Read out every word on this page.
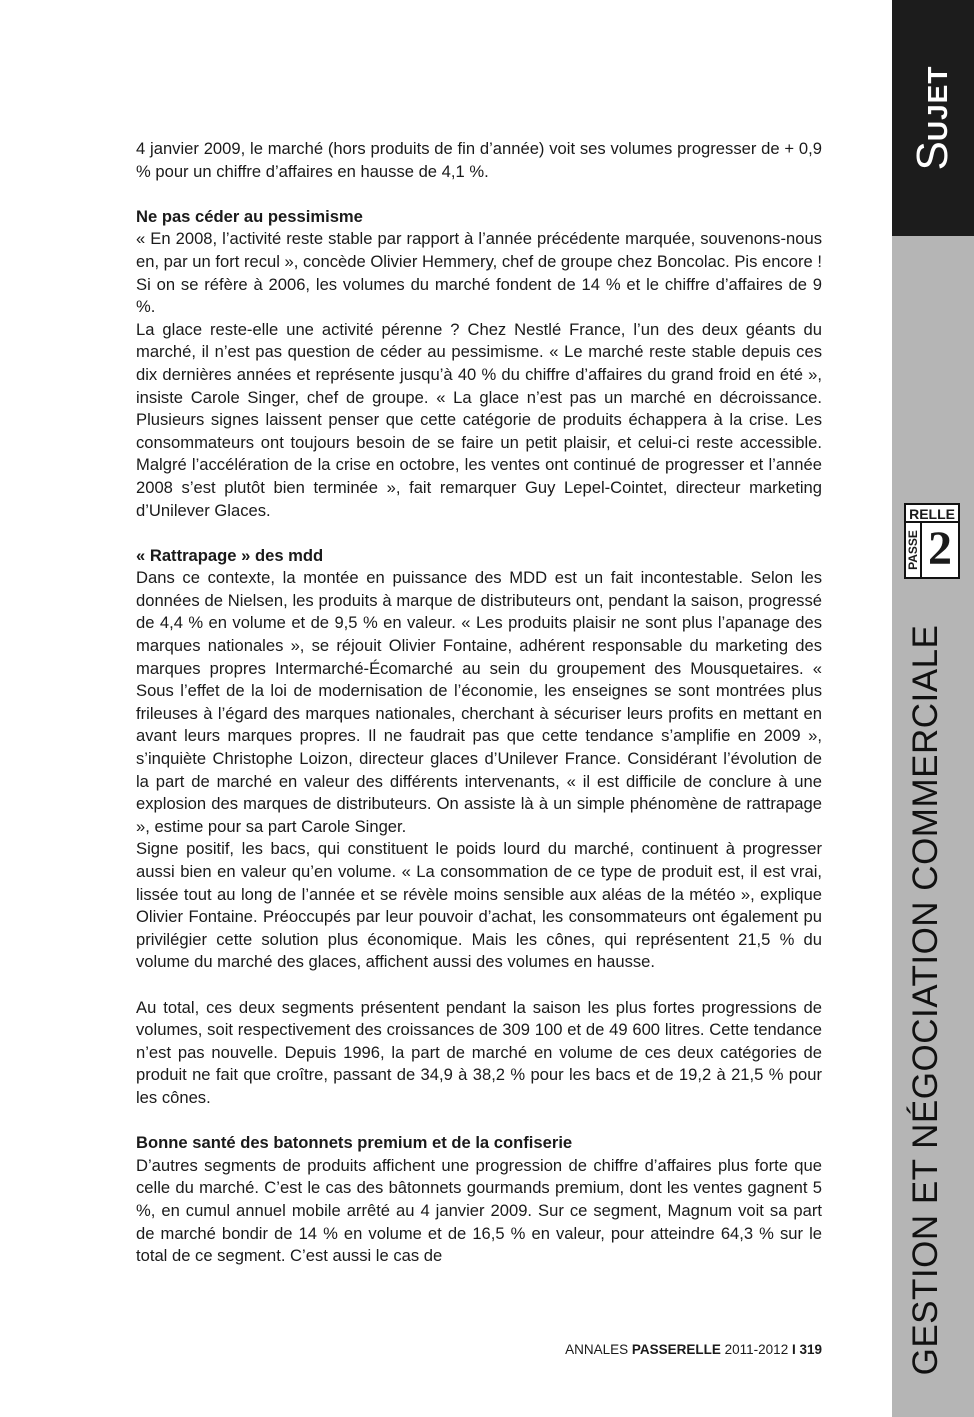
SUJET
RELLE
PASSE 2
GESTION ET NÉGOCIATION COMMERCIALE

4 janvier 2009, le marché (hors produits de fin d’année) voit ses volumes progresser de + 0,9 % pour un chiffre d’affaires en hausse de 4,1 %.

Ne pas céder au pessimisme

« En 2008, l’activité reste stable par rapport à l’année précédente marquée, souvenons-nous en, par un fort recul », concède Olivier Hemmery, chef de groupe chez Boncolac. Pis encore ! Si on se réfère à 2006, les volumes du marché fondent de 14 % et le chiffre d’affaires de 9 %.

La glace reste-elle une activité pérenne ? Chez Nestlé France, l’un des deux géants du marché, il n’est pas question de céder au pessimisme. « Le marché reste stable depuis ces dix dernières années et représente jusqu’à 40 % du chiffre d’affaires du grand froid en été », insiste Carole Singer, chef de groupe. « La glace n’est pas un marché en décroissance. Plusieurs signes laissent penser que cette catégorie de produits échappera à la crise. Les consommateurs ont toujours besoin de se faire un petit plaisir, et celui-ci reste accessible. Malgré l’accélération de la crise en octobre, les ventes ont continué de progresser et l’année 2008 s’est plutôt bien terminée », fait remarquer Guy Lepel-Cointet, directeur marketing d’Unilever Glaces.

« Rattrapage » des mdd

Dans ce contexte, la montée en puissance des MDD est un fait incontestable. Selon les données de Nielsen, les produits à marque de distributeurs ont, pendant la saison, progressé de 4,4 % en volume et de 9,5 % en valeur. « Les produits plaisir ne sont plus l’apanage des marques nationales », se réjouit Olivier Fontaine, adhérent responsable du marketing des marques propres Intermarché-Écomarché au sein du groupement des Mousquetaires. « Sous l’effet de la loi de modernisation de l’économie, les enseignes se sont montrées plus frileuses à l’égard des marques nationales, cherchant à sécuriser leurs profits en mettant en avant leurs marques propres. Il ne faudrait pas que cette tendance s’amplifie en 2009 », s’inquiète Christophe Loizon, directeur glaces d’Unilever France. Considérant l’évolution de la part de marché en valeur des différents intervenants, « il est difficile de conclure à une explosion des marques de distributeurs. On assiste là à un simple phénomène de rattrapage », estime pour sa part Carole Singer.

Signe positif, les bacs, qui constituent le poids lourd du marché, continuent à progresser aussi bien en valeur qu’en volume. « La consommation de ce type de produit est, il est vrai, lissée tout au long de l’année et se révèle moins sensible aux aléas de la météo », explique Olivier Fontaine. Préoccupés par leur pouvoir d’achat, les consommateurs ont également pu privilégier cette solution plus économique. Mais les cônes, qui représentent 21,5 % du volume du marché des glaces, affichent aussi des volumes en hausse.

Au total, ces deux segments présentent pendant la saison les plus fortes progressions de volumes, soit respectivement des croissances de 309 100 et de 49 600 litres. Cette tendance n’est pas nouvelle. Depuis 1996, la part de marché en volume de ces deux catégories de produit ne fait que croître, passant de 34,9 à 38,2 % pour les bacs et de 19,2 à 21,5 % pour les cônes.

Bonne santé des batonnets premium et de la confiserie

D’autres segments de produits affichent une progression de chiffre d’affaires plus forte que celle du marché. C’est le cas des bâtonnets gourmands premium, dont les ventes gagnent 5 %, en cumul annuel mobile arrêté au 4 janvier 2009. Sur ce segment, Magnum voit sa part de marché bondir de 14 % en volume et de 16,5 % en valeur, pour atteindre 64,3 % sur le total de ce segment. C’est aussi le cas de

ANNALES PASSERELLE 2011-2012 I 319
